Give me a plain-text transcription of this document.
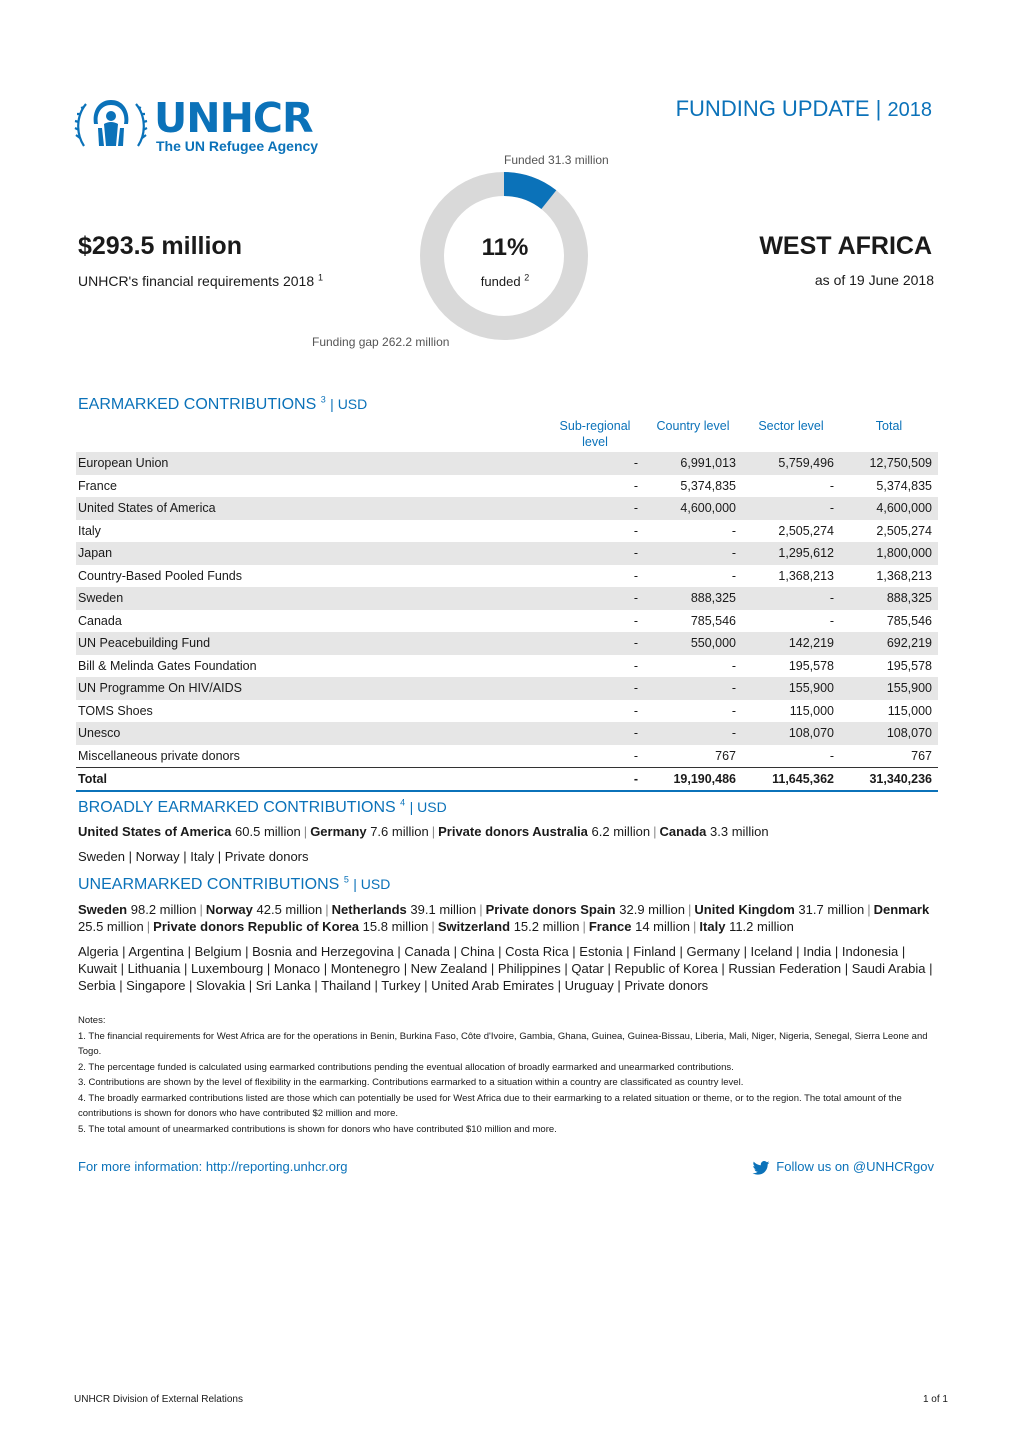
UNHCR
The UN Refugee Agency
FUNDING UPDATE | 2018
$293.5 million
UNHCR's financial requirements 2018 $^1$
WEST AFRICA
as of 19 June 2018
Funded 31.3 million
11%
funded $^2$
Funding gap 262.2 million
EARMARKED CONTRIBUTIONS $^3$ | USD
	Sub-regional level	Country level	Sector level	Total
European Union	-	6,991,013	5,759,496	12,750,509
France	-	5,374,835	-	5,374,835
United States of America	-	4,600,000	-	4,600,000
Italy	-	-	2,505,274	2,505,274
Japan	-	-	1,295,612	1,800,000
Country-Based Pooled Funds	-	-	1,368,213	1,368,213
Sweden	-	888,325	-	888,325
Canada	-	785,546	-	785,546
UN Peacebuilding Fund	-	550,000	142,219	692,219
Bill & Melinda Gates Foundation	-	-	195,578	195,578
UN Programme On HIV/AIDS	-	-	155,900	155,900
TOMS Shoes	-	-	115,000	115,000
Unesco	-	-	108,070	108,070
Miscellaneous private donors	-	767	-	767
Total	-	19,190,486	11,645,362	31,340,236
BROADLY EARMARKED CONTRIBUTIONS $^4$ | USD
United States of America 60.5 million | Germany 7.6 million | Private donors Australia 6.2 million | Canada 3.3 million
Sweden | Norway | Italy | Private donors
UNEARMARKED CONTRIBUTIONS $^5$ | USD
Sweden 98.2 million | Norway 42.5 million | Netherlands 39.1 million | Private donors Spain 32.9 million | United Kingdom 31.7 million | Denmark 25.5 million | Private donors Republic of Korea 15.8 million | Switzerland 15.2 million | France 14 million | Italy 11.2 million
Algeria | Argentina | Belgium | Bosnia and Herzegovina | Canada | China | Costa Rica | Estonia | Finland | Germany | Iceland | India | Indonesia |
Kuwait | Lithuania | Luxembourg | Monaco | Montenegro | New Zealand | Philippines | Qatar | Republic of Korea | Russian Federation | Saudi Arabia |
Serbia | Singapore | Slovakia | Sri Lanka | Thailand | Turkey | United Arab Emirates | Uruguay | Private donors

Notes:

1. The financial requirements for West Africa are for the operations in Benin, Burkina Faso, Côte d'Ivoire, Gambia, Ghana, Guinea, Guinea-Bissau, Liberia, Mali, Niger, Nigeria, Senegal, Sierra Leone and Togo.

2. The percentage funded is calculated using earmarked contributions pending the eventual allocation of broadly earmarked and unearmarked contributions.

3. Contributions are shown by the level of flexibility in the earmarking. Contributions earmarked to a situation within a country are classificated as country level.

4. The broadly earmarked contributions listed are those which can potentially be used for West Africa due to their earmarking to a related situation or theme, or to the region. The total amount of the contributions is shown for donors who have contributed $2 million and more.

5. The total amount of unearmarked contributions is shown for donors who have contributed $10 million and more.

For more information: http://reporting.unhcr.org	Follow us on @UNHCRgov
UNHCR Division of External Relations	1 of 1
